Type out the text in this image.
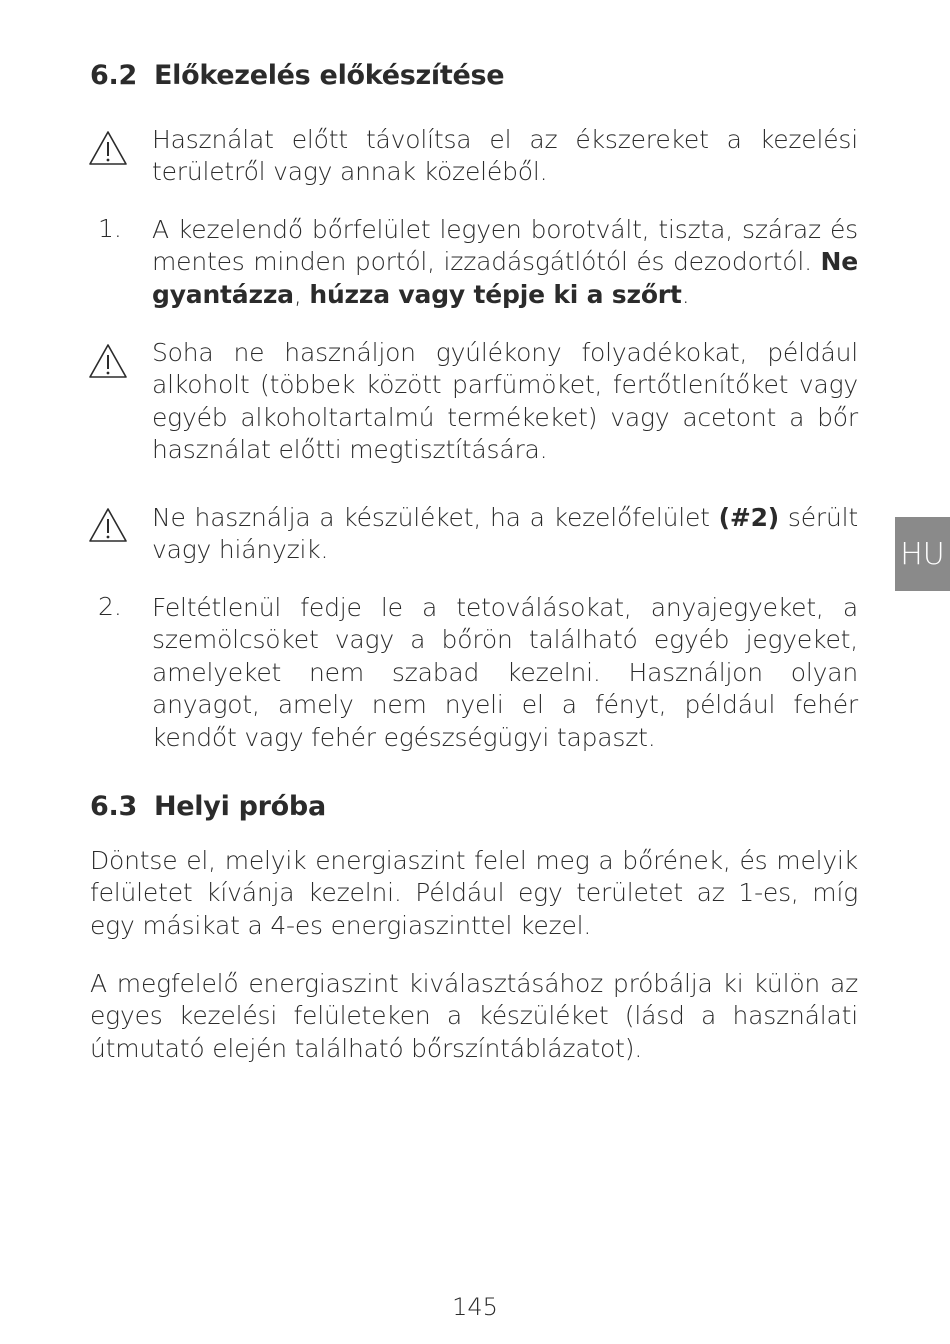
6.2 Előkezelés előkészítése

Használat előtt távolítsa el az ékszereket a kezelési területről vagy annak közeléből.

1. A kezelendő bőrfelület legyen borotvált, tiszta, száraz és mentes minden portól, izzadásgátlótól és dezodortól. Ne gyantázza, húzza vagy tépje ki a szőrt.

Soha ne használjon gyúlékony folyadékokat, például alkoholt (többek között parfümöket, fertőtlenítőket vagy egyéb alkoholtartalmú termékeket) vagy acetont a bőr használat előtti megtisztítására.

Ne használja a készüléket, ha a kezelőfelület (#2) sérült vagy hiányzik.

2. Feltétlenül fedje le a tetoválásokat, anyajegyeket, a szemölcsöket vagy a bőrön található egyéb jegyeket, amelyeket nem szabad kezelni. Használjon olyan anyagot, amely nem nyeli el a fényt, például fehér kendőt vagy fehér egészségügyi tapaszt.

6.3 Helyi próba

Döntse el, melyik energiaszint felel meg a bőrének, és melyik felületet kívánja kezelni. Például egy területet az 1-es, míg egy másikat a 4-es energiaszinttel kezel.

A megfelelő energiaszint kiválasztásához próbálja ki külön az egyes kezelési felületeken a készüléket (lásd a használati útmutató elején található bőrszíntáblázatot).

HU
145
